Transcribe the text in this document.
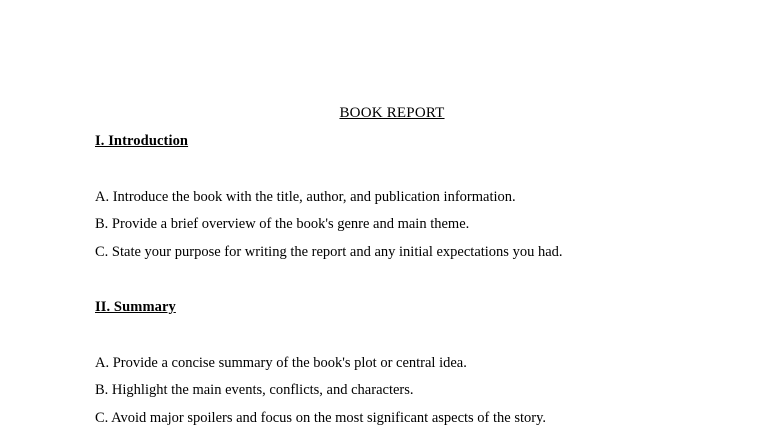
BOOK REPORT
I. Introduction
A. Introduce the book with the title, author, and publication information.
B. Provide a brief overview of the book's genre and main theme.
C. State your purpose for writing the report and any initial expectations you had.
II. Summary
A. Provide a concise summary of the book's plot or central idea.
B. Highlight the main events, conflicts, and characters.
C. Avoid major spoilers and focus on the most significant aspects of the story.
